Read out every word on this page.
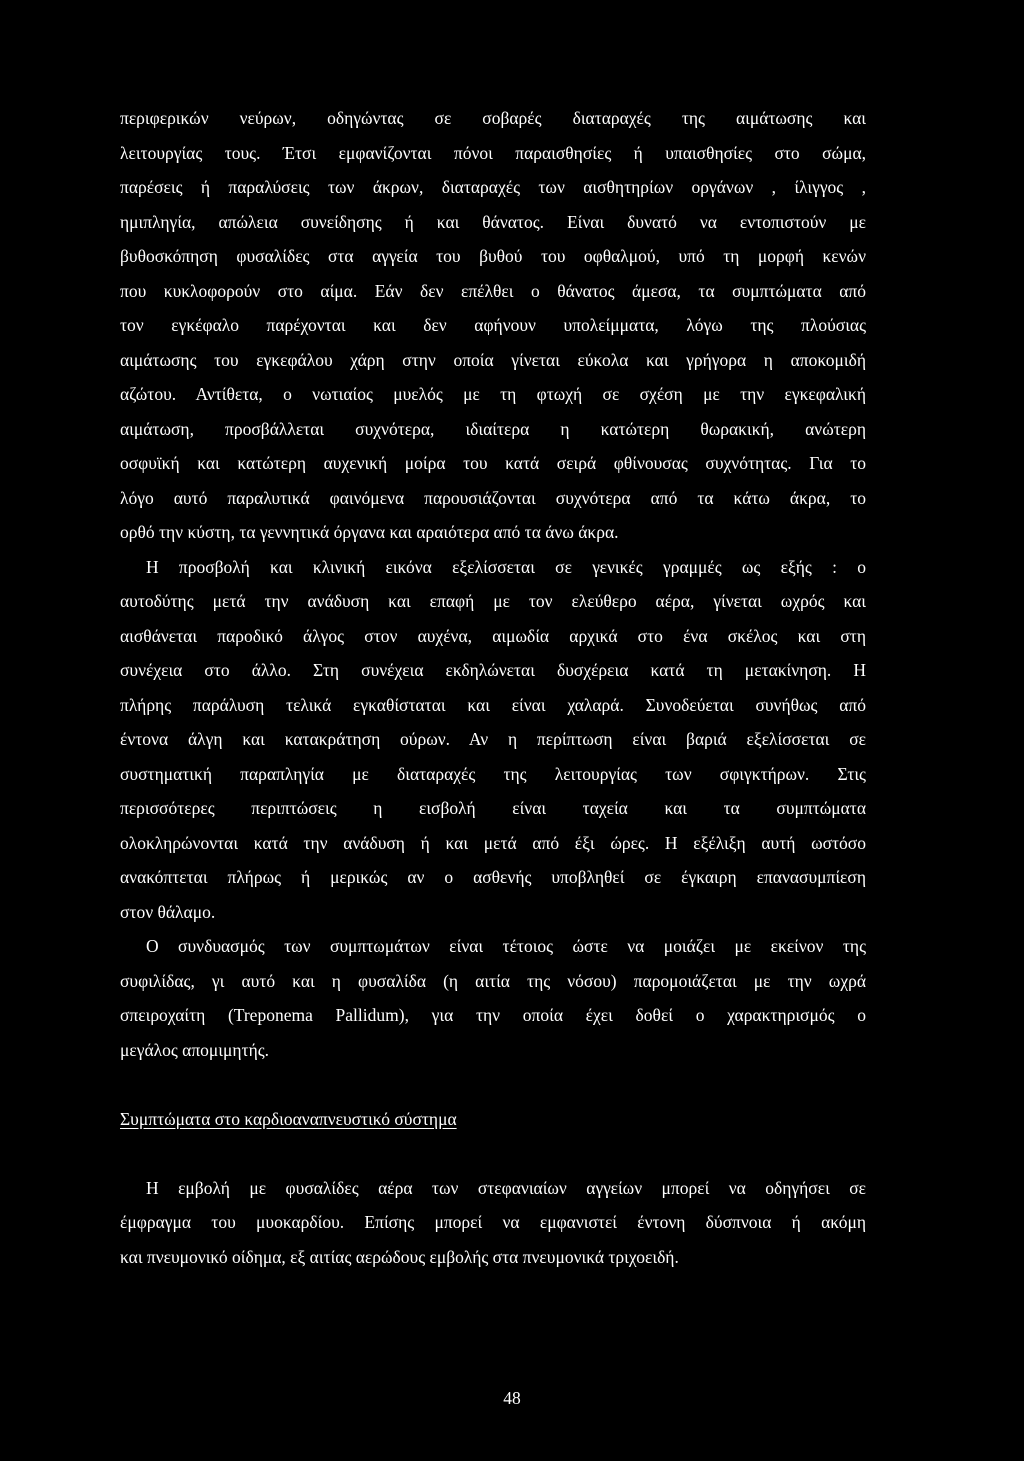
περιφερικών νεύρων, οδηγώντας σε σοβαρές διαταραχές της αιμάτωσης και
λειτουργίας τους. Έτσι εμφανίζονται πόνοι παραισθησίες ή υπαισθησίες στο σώμα,
παρέσεις ή παραλύσεις των άκρων, διαταραχές των αισθητηρίων οργάνων , ίλιγγος ,
ημιπληγία, απώλεια συνείδησης ή και θάνατος. Είναι δυνατό να εντοπιστούν με
βυθοσκόπηση φυσαλίδες στα αγγεία του βυθού του οφθαλμού, υπό τη μορφή κενών
που κυκλοφορούν στο αίμα. Εάν δεν επέλθει ο θάνατος άμεσα, τα συμπτώματα από
τον εγκέφαλο παρέχονται και δεν αφήνουν υπολείμματα, λόγω της πλούσιας
αιμάτωσης του εγκεφάλου χάρη στην οποία γίνεται εύκολα και γρήγορα η αποκομιδή
αζώτου. Αντίθετα, ο νωτιαίος μυελός με τη φτωχή σε σχέση με την εγκεφαλική
αιμάτωση, προσβάλλεται συχνότερα, ιδιαίτερα η κατώτερη θωρακική, ανώτερη
οσφυϊκή και κατώτερη αυχενική μοίρα του κατά σειρά φθίνουσας συχνότητας. Για το
λόγο αυτό παραλυτικά φαινόμενα παρουσιάζονται συχνότερα από τα κάτω άκρα, το
ορθό την κύστη, τα γεννητικά όργανα και αραιότερα από τα άνω άκρα.
Η προσβολή και κλινική εικόνα εξελίσσεται σε γενικές γραμμές ως εξής : ο
αυτοδύτης μετά την ανάδυση και επαφή με τον ελεύθερο αέρα, γίνεται ωχρός και
αισθάνεται παροδικό άλγος στον αυχένα, αιμωδία αρχικά στο ένα σκέλος και στη
συνέχεια στο άλλο. Στη συνέχεια εκδηλώνεται δυσχέρεια κατά τη μετακίνηση. Η
πλήρης παράλυση τελικά εγκαθίσταται και είναι χαλαρά. Συνοδεύεται συνήθως από
έντονα άλγη και κατακράτηση ούρων. Αν η περίπτωση είναι βαριά εξελίσσεται σε
συστηματική παραπληγία με διαταραχές της λειτουργίας των σφιγκτήρων. Στις
περισσότερες περιπτώσεις η εισβολή είναι ταχεία και τα συμπτώματα
ολοκληρώνονται κατά την ανάδυση ή και μετά από έξι ώρες. Η εξέλιξη αυτή ωστόσο
ανακόπτεται πλήρως ή μερικώς αν ο ασθενής υποβληθεί σε έγκαιρη επανασυμπίεση
στον θάλαμο.
Ο συνδυασμός των συμπτωμάτων είναι τέτοιος ώστε να μοιάζει με εκείνον της
συφιλίδας, γι αυτό και η φυσαλίδα (η αιτία της νόσου) παρομοιάζεται με την ωχρά
σπειροχαίτη (Treponema Pallidum), για την οποία έχει δοθεί ο χαρακτηρισμός ο
μεγάλος απομιμητής.
Συμπτώματα στο καρδιοαναπνευστικό σύστημα
Η εμβολή με φυσαλίδες αέρα των στεφανιαίων αγγείων μπορεί να οδηγήσει σε
έμφραγμα του μυοκαρδίου. Επίσης μπορεί να εμφανιστεί έντονη δύσπνοια ή ακόμη
και πνευμονικό οίδημα, εξ αιτίας αερώδους εμβολής στα πνευμονικά τριχοειδή.
48
